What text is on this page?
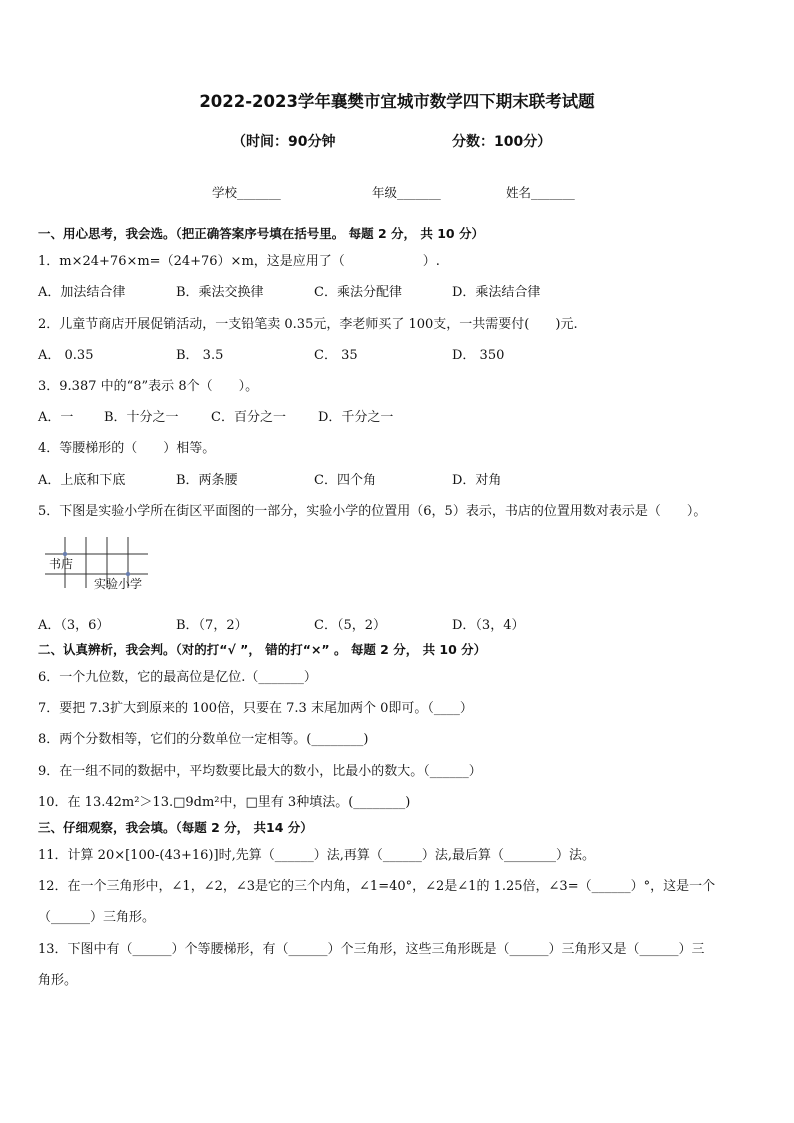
2022-2023学年襄樊市宜城市数学四下期末联考试题
（时间：90分钟	分数：100分）
学校_______	年级_______	姓名_______
一、用心思考，我会选。（把正确答案序号填在括号里。 每题 2 分， 共 10 分）
1．m×24+76×m=（24+76）×m，这是应用了（　　　　　　）.
A．加法结合律	B．乘法交换律	C．乘法分配律	D．乘法结合律
2．儿童节商店开展促销活动，一支铅笔卖 0.35元，李老师买了 100支，一共需要付(　　)元.
A． 0.35	B． 3.5	C． 35	D． 350
3．9.387 中的“8”表示 8个（　　）。
A．一 B．十分之一 C．百分之一 D．千分之一
4．等腰梯形的（　　）相等。
A．上底和下底	B．两条腰	C．四个角	D．对角
5．下图是实验小学所在街区平面图的一部分，实验小学的位置用（6，5）表示，书店的位置用数对表示是（　　）。
书店
实验小学
A．（3，6）	B．（7，2）	C．（5，2）	D．（3，4）
二、认真辨析，我会判。（对的打“√ ”， 错的打“×” 。 每题 2 分， 共 10 分）
6．一个九位数，它的最高位是亿位.（_______）
7．要把 7.3扩大到原来的 100倍，只要在 7.3 末尾加两个 0即可。（____）
8．两个分数相等，它们的分数单位一定相等。(________)
9．在一组不同的数据中，平均数要比最大的数小，比最小的数大。（______）
10．在 13.42m²＞13.□9dm²中，□里有 3种填法。(________)
三、仔细观察，我会填。（每题 2 分， 共14 分）
11．计算 20×[100-(43+16)]时,先算（______）法,再算（______）法,最后算（________）法。
12．在一个三角形中，∠1，∠2，∠3是它的三个内角，∠1=40°，∠2是∠1的 1.25倍，∠3=（______）°，这是一个
（______）三角形。
13．下图中有（______）个等腰梯形，有（______）个三角形，这些三角形既是（______）三角形又是（______）三
角形。
